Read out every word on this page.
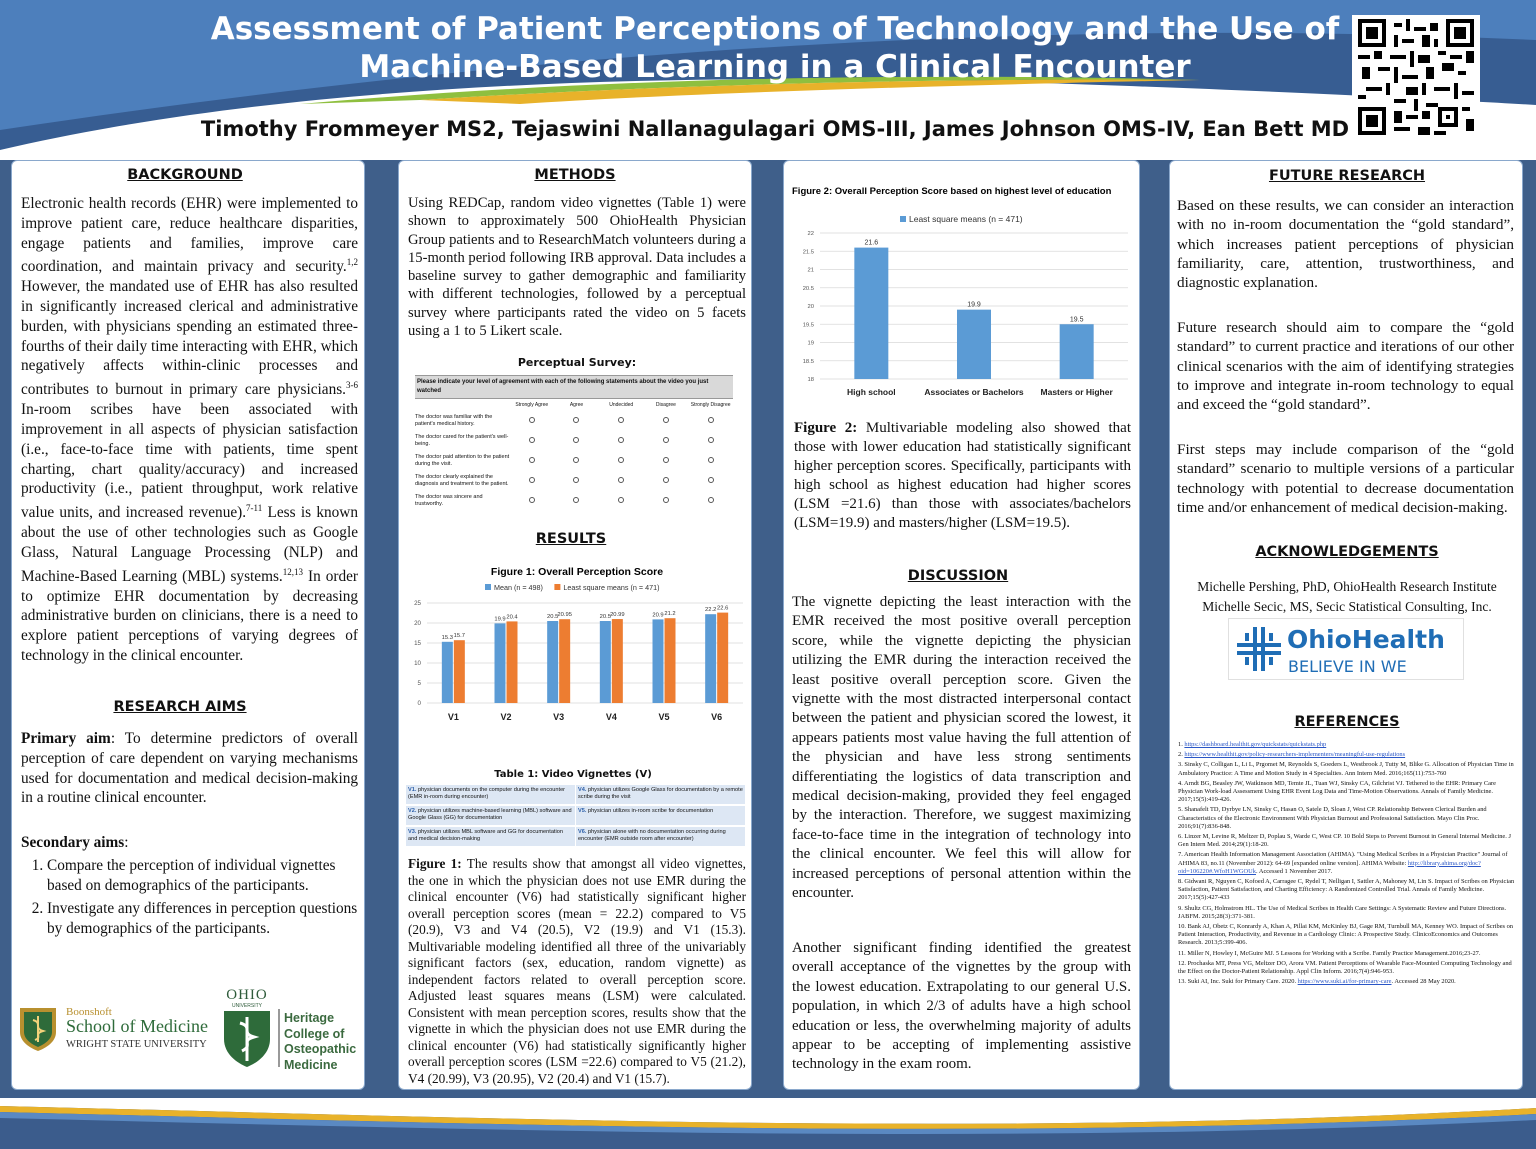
Assessment of Patient Perceptions of Technology and the Use of
Machine-Based Learning in a Clinical Encounter
Timothy Frommeyer MS2, Tejaswini Nallanagulagari OMS-III, James Johnson OMS-IV, Ean Bett MD
BACKGROUND
Electronic health records (EHR) were implemented to improve patient care, reduce healthcare disparities, engage patients and families, improve care coordination, and maintain privacy and security.$^{1,2}$ However, the mandated use of EHR has also resulted in significantly increased clerical and administrative burden, with physicians spending an estimated three-fourths of their daily time interacting with EHR, which negatively affects within-clinic processes and contributes to burnout in primary care physicians.$^{3-6}$ In-room scribes have been associated with improvement in all aspects of physician satisfaction (i.e., face-to-face time with patients, time spent charting, chart quality/accuracy) and increased productivity (i.e., patient throughput, work relative value units, and increased revenue).$^{7-11}$ Less is known about the use of other technologies such as Google Glass, Natural Language Processing (NLP) and Machine-Based Learning (MBL) systems.$^{12,13}$ In order to optimize EHR documentation by decreasing administrative burden on clinicians, there is a need to explore patient perceptions of varying degrees of technology in the clinical encounter.
RESEARCH AIMS
Primary aim: To determine predictors of overall perception of care dependent on varying mechanisms used for documentation and medical decision-making in a routine clinical encounter.
Secondary aims:
1. Compare the perception of individual vignettes based on demographics of the participants.
2. Investigate any differences in perception questions by demographics of the participants.
Boonshoft
School of Medicine
WRIGHT STATE UNIVERSITY
OHIO
UNIVERSITY
Heritage
College of
Osteopathic
Medicine
METHODS
Using REDCap, random video vignettes (Table 1) were shown to approximately 500 OhioHealth Physician Group patients and to ResearchMatch volunteers during a 15-month period following IRB approval. Data includes a baseline survey to gather demographic and familiarity with different technologies, followed by a perceptual survey where participants rated the video on 5 facets using a 1 to 5 Likert scale.
Perceptual Survey:
Please indicate your level of agreement with each of the following statements about the video you just watched
Strongly Agree	Agree	Undecided	Disagree	Strongly Disagree
The doctor was familiar with the patient's medical history.
The doctor cared for the patient's well-being.
The doctor paid attention to the patient during the visit.
The doctor clearly explained the diagnosis and treatment to the patient.
The doctor was sincere and trustworthy.
RESULTS
Figure 1: Overall Perception Score
Mean (n = 498)	Least square means (n = 471)
15.3 15.7
19.9 20.4	20.5 20.95	20.5 20.99	20.9 21.2
22.2 22.6
0
5
10
15
20
25
V1	V2	V3	V4	V5	V6
Table 1: Video Vignettes (V)
V1. physician documents on the computer during the encounter (EMR in-room during encounter)
V4. physician utilizes Google Glass for documentation by a remote scribe during the visit
V2. physician utilizes machine-based learning (MBL) software and Google Glass (GG) for documentation
V5. physician utilizes in-room scribe for documentation
V3. physician utilizes MBL software and GG for documentation and medical decision-making
V6. physician alone with no documentation occurring during encounter (EMR outside room after encounter)
Figure 1: The results show that amongst all video vignettes, the one in which the physician does not use EMR during the clinical encounter (V6) had statistically significant higher overall perception scores (mean = 22.2) compared to V5 (20.9), V3 and V4 (20.5), V2 (19.9) and V1 (15.3). Multivariable modeling identified all three of the univariably significant factors (sex, education, random vignette) as independent factors related to overall perception score. Adjusted least squares means (LSM) were calculated. Consistent with mean perception scores, results show that the vignette in which the physician does not use EMR during the clinical encounter (V6) had statistically significantly higher overall perception scores (LSM =22.6) compared to V5 (21.2), V4 (20.99), V3 (20.95), V2 (20.4) and V1 (15.7).
Figure 2: Overall Perception Score based on highest level of education
Least square means (n = 471)
21.6
19.9
19.5
18
18.5
19
19.5
20
20.5
21
21.5
22
High school	Associates or Bachelors Masters or Higher
Figure 2: Multivariable modeling also showed that those with lower education had statistically significant higher perception scores. Specifically, participants with high school as highest education had higher scores (LSM =21.6) than those with associates/bachelors (LSM=19.9) and masters/higher (LSM=19.5).
DISCUSSION
The vignette depicting the least interaction with the EMR received the most positive overall perception score, while the vignette depicting the physician utilizing the EMR during the interaction received the least positive overall perception score. Given the vignette with the most distracted interpersonal contact between the patient and physician scored the lowest, it appears patients most value having the full attention of the physician and have less strong sentiments differentiating the logistics of data transcription and medical decision-making, provided they feel engaged by the interaction. Therefore, we suggest maximizing face-to-face time in the integration of technology into the clinical encounter. We feel this will allow for increased perceptions of personal attention within the encounter.
Another significant finding identified the greatest overall acceptance of the vignettes by the group with the lowest education. Extrapolating to our general U.S. population, in which 2/3 of adults have a high school education or less, the overwhelming majority of adults appear to be accepting of implementing assistive technology in the exam room.
FUTURE RESEARCH
Based on these results, we can consider an interaction with no in-room documentation the “gold standard”, which increases patient perceptions of physician familiarity, care, attention, trustworthiness, and diagnostic explanation.
Future research should aim to compare the “gold standard” to current practice and iterations of our other clinical scenarios with the aim of identifying strategies to improve and integrate in-room technology to equal and exceed the “gold standard”.
First steps may include comparison of the “gold standard” scenario to multiple versions of a particular technology with potential to decrease documentation time and/or enhancement of medical decision-making.
ACKNOWLEDGEMENTS
Michelle Pershing, PhD, OhioHealth Research Institute
Michelle Secic, MS, Secic Statistical Consulting, Inc.
OhioHealth
BELIEVE IN WE
REFERENCES
1. https://dashboard.healthit.gov/quickstats/quickstats.php
2. https://www.healthit.gov/policy-researchers-implementers/meaningful-use-regulations
3. Sinsky C, Colligan L, Li L, Prgomet M, Reynolds S, Goeders L, Westbrook J, Tutty M, Blike G. Allocation of Physician Time in Ambulatory Practice: A Time and Motion Study in 4 Specialties. Ann Intern Med. 2016;165(11):753-760
4. Arndt BG, Beasley JW, Watkinson MD, Temte JL, Tuan WJ, Sinsky CA, Gilchrist VJ. Tethered to the EHR: Primary Care Physician Work-load Assessment Using EHR Event Log Data and Time-Motion Observations. Annals of Family Medicine. 2017;15(5):419-426.
5. Shanafelt TD, Dyrbye LN, Sinsky C, Hasan O, Satele D, Sloan J, West CP. Relationship Between Clerical Burden and Characteristics of the Electronic Environment With Physician Burnout and Professional Satisfaction. Mayo Clin Proc. 2016;91(7):836-848.
6. Linzer M, Levine R, Meltzer D, Poplau S, Warde C, West CP. 10 Bold Steps to Prevent Burnout in General Internal Medicine. J Gen Intern Med. 2014;29(1):18-20.
7. American Health Information Management Association (AHIMA). "Using Medical Scribes in a Physician Practice" Journal of AHIMA 83, no.11 (November 2012): 64-69 [expanded online version]. AHIMA Website: http://library.ahima.org/doc?oid=106220#.WfoH1WGOUk. Accessed 1 November 2017.
8. Gidwani R, Nguyen C, Kofoed A, Carragee C, Rydel T, Nelligan I, Sattler A, Mahoney M, Lin S. Impact of Scribes on Physician Satisfaction, Patient Satisfaction, and Charting Efficiency: A Randomized Controlled Trial. Annals of Family Medicine. 2017;15(5):427-433
9. Shultz CG, Holmstrom HL. The Use of Medical Scribes in Health Care Settings: A Systematic Review and Future Directions. JABFM. 2015;28(3):371-381.
10. Bank AJ, Obetz C, Konrardy A, Khan A, Pillai KM, McKinley BJ, Gage RM, Turnbull MA, Kenney WO. Impact of Scribes on Patient Interaction, Productivity, and Revenue in a Cardiology Clinic: A Prospective Study. ClinicoEconomics and Outcomes Research. 2013;5:399-406.
11. Miller N, Howley I, McGuire MJ. 5 Lessons for Working with a Scribe. Family Practice Management.2016;23-27.
12. Prochaska MT, Press VG, Meltzer DO, Arora VM. Patient Perceptions of Wearable Face-Mounted Computing Technology and the Effect on the Doctor-Patient Relationship. Appl Clin Inform. 2016;7(4):946-953.
13. Suki AI, Inc. Suki for Primary Care. 2020. https://www.suki.ai/for-primary-care. Accessed 28 May 2020.
